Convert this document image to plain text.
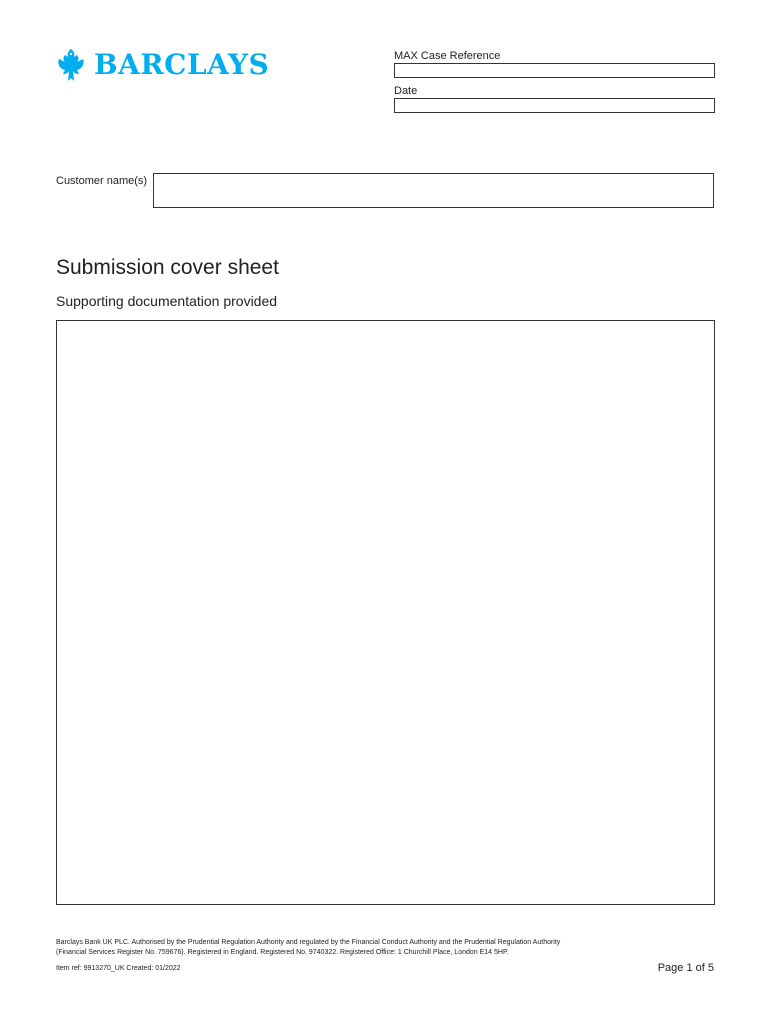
BARCLAYS	MAX Case Reference
Date
Customer name(s)
Submission cover sheet
Supporting documentation provided
Barclays Bank UK PLC. Authorised by the Prudential Regulation Authority and regulated by the Financial Conduct Authority and the Prudential Regulation Authority
(Financial Services Register No. 759676). Registered in England. Registered No. 9740322. Registered Office: 1 Churchill Place, London E14 5HP.
Item ref: 9913270_UK Created: 01/2022	Page 1 of 5
